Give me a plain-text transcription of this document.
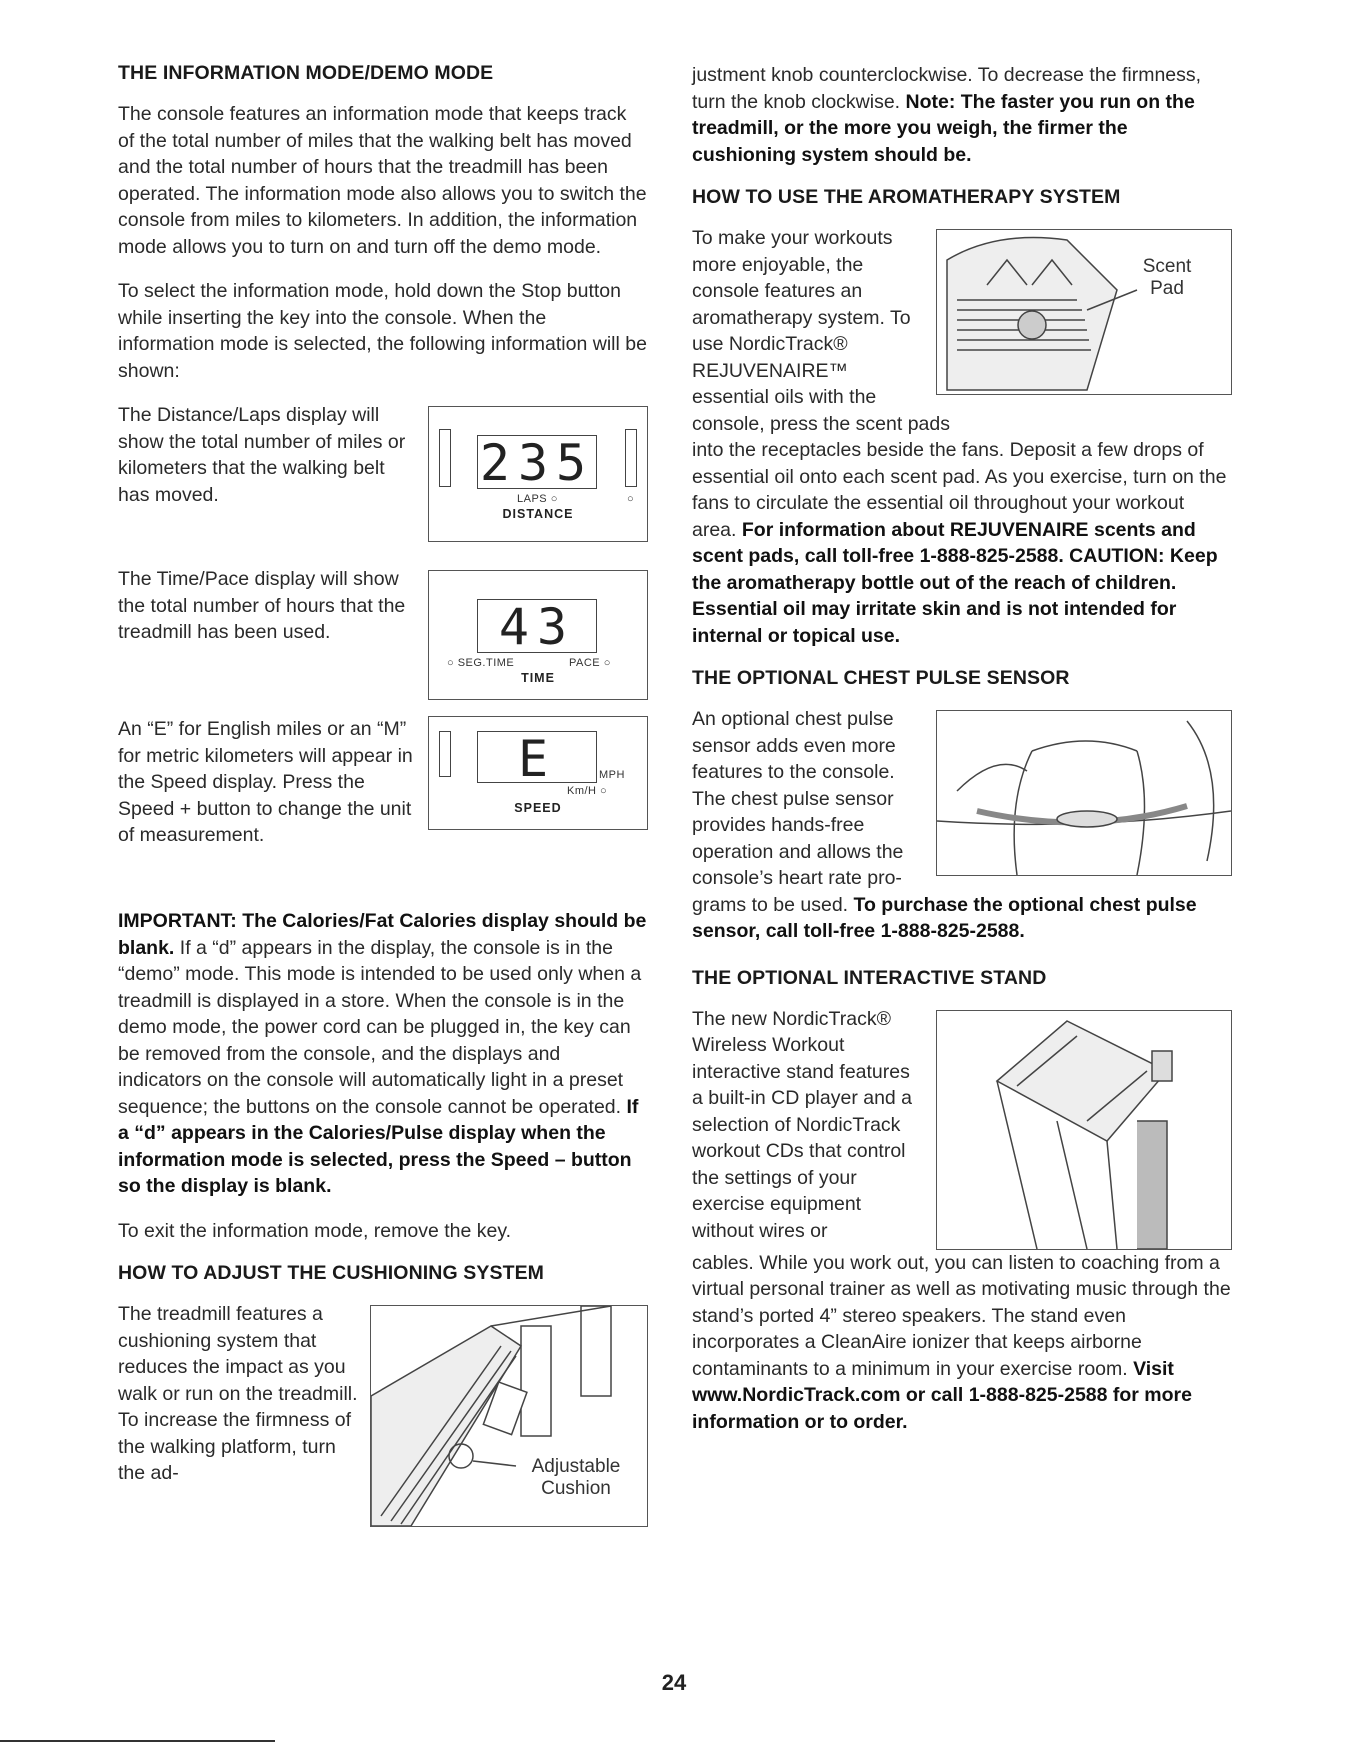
THE INFORMATION MODE/DEMO MODE

The console features an information mode that keeps track of the total number of miles that the walking belt has moved and the total number of hours that the treadmill has been operated. The information mode also allows you to switch the console from miles to kilometers. In addition, the information mode allows you to turn on and turn off the demo mode.

To select the information mode, hold down the Stop button while inserting the key into the console. When the information mode is selected, the following information will be shown:

235
LAPS ○	○
DISTANCE

The Distance/Laps display will show the total number of miles or kilometers that the walking belt has moved.

43
○ SEG.TIME	PACE ○
TIME

The Time/Pace display will show the total number of hours that the treadmill has been used.

E	MPH
Km/H ○
SPEED

An “E” for English miles or an “M” for metric kilometers will appear in the Speed display. Press the Speed + button to change the unit of measurement.

IMPORTANT: The Calories/Fat Calories display should be blank. If a “d” appears in the display, the console is in the “demo” mode. This mode is intended to be used only when a treadmill is displayed in a store. When the console is in the demo mode, the power cord can be plugged in, the key can be removed from the console, and the displays and indicators on the console will automatically light in a preset sequence; the buttons on the console cannot be operated. If a “d” appears in the Calories/Pulse display when the information mode is selected, press the Speed – button so the display is blank.

To exit the information mode, remove the key.

HOW TO ADJUST THE CUSHIONING SYSTEM
Adjustable Cushion

The treadmill features a cushioning system that reduces the impact as you walk or run on the treadmill. To increase the firmness of the walking platform, turn the ad-

justment knob counterclockwise. To decrease the firmness, turn the knob clockwise. Note: The faster you run on the treadmill, or the more you weigh, the firmer the cushioning system should be.

HOW TO USE THE AROMATHERAPY SYSTEM
Scent Pad

To make your workouts more enjoyable, the console features an aromatherapy system. To use NordicTrack® REJUVENAIRE™ essential oils with the console, press the scent pads

into the receptacles beside the fans. Deposit a few drops of essential oil onto each scent pad. As you exercise, turn on the fans to circulate the essential oil throughout your workout area. For information about REJUVENAIRE scents and scent pads, call toll-free 1-888-825-2588. CAUTION: Keep the aromatherapy bottle out of the reach of children. Essential oil may irritate skin and is not intended for internal or topical use.

THE OPTIONAL CHEST PULSE SENSOR

An optional chest pulse sensor adds even more features to the console. The chest pulse sensor provides hands-free operation and allows the console’s heart rate pro-

grams to be used. To purchase the optional chest pulse sensor, call toll-free 1-888-825-2588.

THE OPTIONAL INTERACTIVE STAND

The new NordicTrack® Wireless Workout interactive stand features a built-in CD player and a selection of NordicTrack workout CDs that control the settings of your exercise equipment without wires or

cables. While you work out, you can listen to coaching from a virtual personal trainer as well as motivating music through the stand’s ported 4” stereo speakers. The stand even incorporates a CleanAire ionizer that keeps airborne contaminants to a minimum in your exercise room. Visit www.NordicTrack.com or call 1-888-825-2588 for more information or to order.

24
